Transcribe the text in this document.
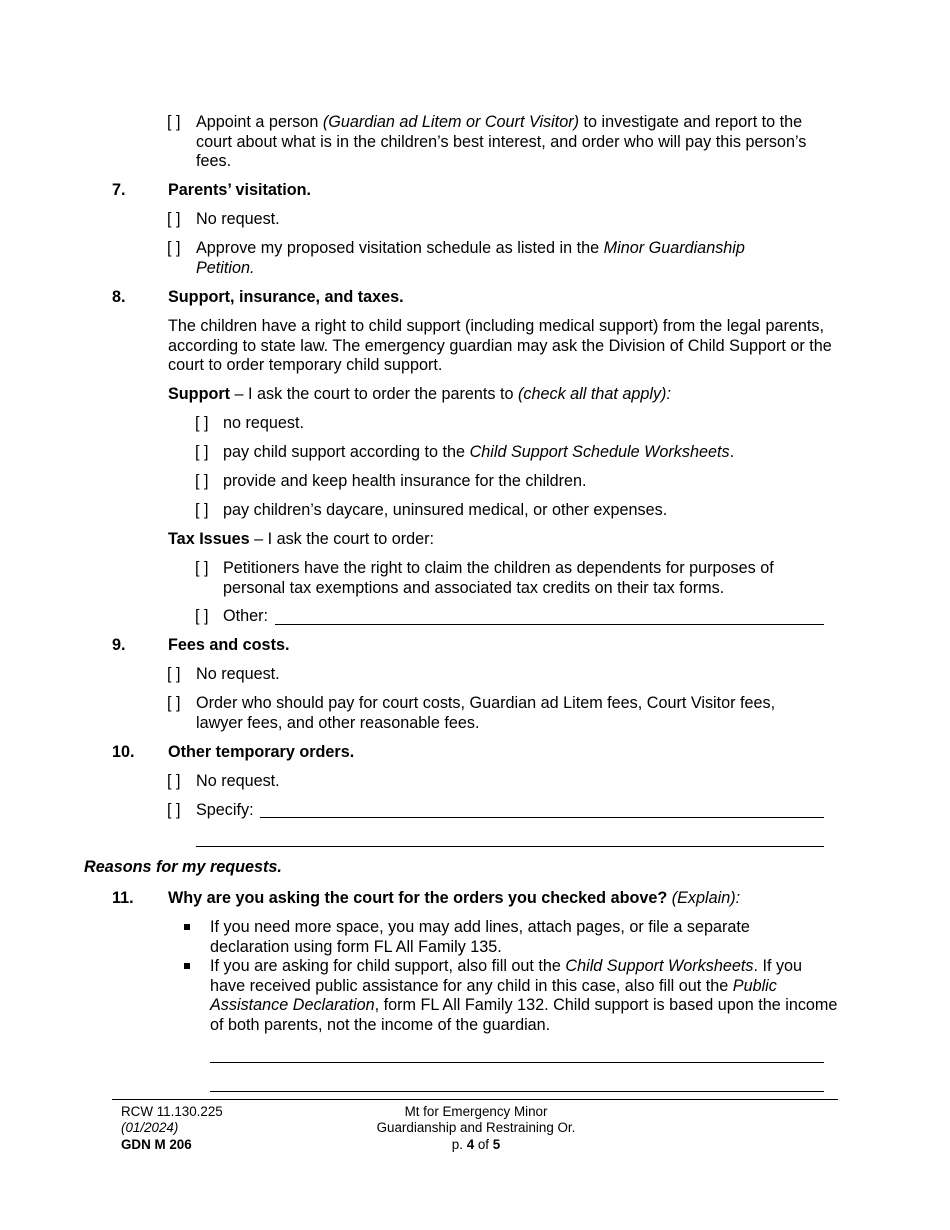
[ ] Appoint a person (Guardian ad Litem or Court Visitor) to investigate and report to the court about what is in the children’s best interest, and order who will pay this person’s fees.
7.	Parents’ visitation.
[ ] No request.
[ ] Approve my proposed visitation schedule as listed in the Minor Guardianship Petition.
8.	Support, insurance, and taxes.
The children have a right to child support (including medical support) from the legal parents, according to state law. The emergency guardian may ask the Division of Child Support or the court to order temporary child support.
Support – I ask the court to order the parents to (check all that apply):
[ ] no request.
[ ] pay child support according to the Child Support Schedule Worksheets.
[ ] provide and keep health insurance for the children.
[ ] pay children’s daycare, uninsured medical, or other expenses.
Tax Issues – I ask the court to order:
[ ] Petitioners have the right to claim the children as dependents for purposes of personal tax exemptions and associated tax credits on their tax forms.
[ ] Other:
9.	Fees and costs.
[ ] No request.
[ ] Order who should pay for court costs, Guardian ad Litem fees, Court Visitor fees, lawyer fees, and other reasonable fees.
10. Other temporary orders.
[ ] No request.
[ ] Specify:
Reasons for my requests.
11. Why are you asking the court for the orders you checked above? (Explain):
If you need more space, you may add lines, attach pages, or file a separate declaration using form FL All Family 135.
If you are asking for child support, also fill out the Child Support Worksheets. If you have received public assistance for any child in this case, also fill out the Public Assistance Declaration, form FL All Family 132. Child support is based upon the income of both parents, not the income of the guardian.
RCW 11.130.225
(01/2024)
GDN M 206
Mt for Emergency Minor
Guardianship and Restraining Or.
p. 4 of 5
